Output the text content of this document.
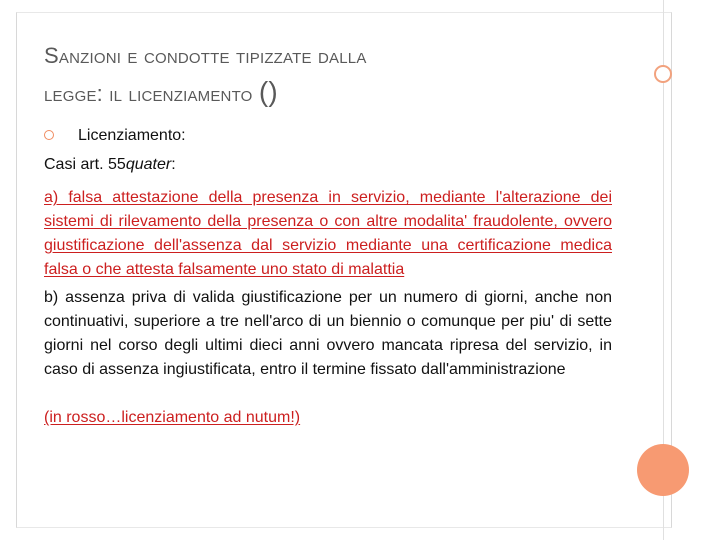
Sanzioni e condotte tipizzate dalla
legge: il licenziamento ()
Licenziamento:
Casi art. 55quater:
a) falsa attestazione della presenza in servizio, mediante l'alterazione dei sistemi di rilevamento della presenza o con altre modalita' fraudolente, ovvero giustificazione dell'assenza dal servizio mediante una certificazione medica falsa o che attesta falsamente uno stato di malattia
b) assenza priva di valida giustificazione per un numero di giorni, anche non continuativi, superiore a tre nell'arco di un biennio o comunque per piu' di sette giorni nel corso degli ultimi dieci anni ovvero mancata ripresa del servizio, in caso di assenza ingiustificata, entro il termine fissato dall'amministrazione
(in rosso…licenziamento ad nutum!)
